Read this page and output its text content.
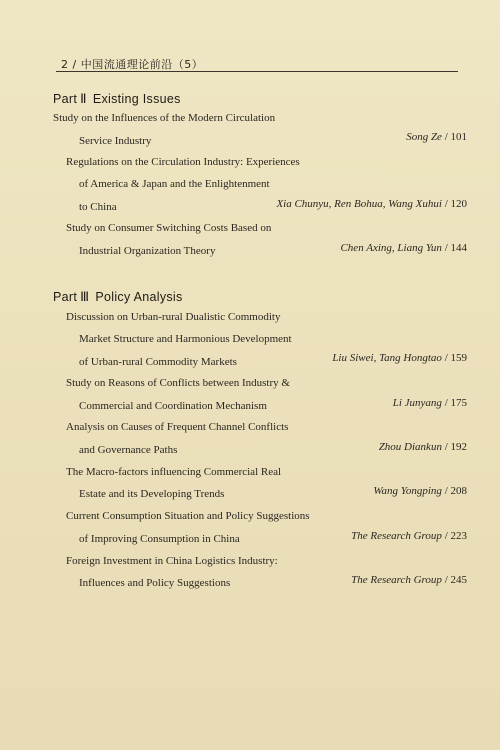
2 / 中国流通理论前沿（5）
Part Ⅱ Existing Issues
Study on the Influences of the Modern Circulation
Service Industry	Song Ze / 101
Regulations on the Circulation Industry: Experiences
of America & Japan and the Enlightenment
to China	Xia Chunyu, Ren Bohua, Wang Xuhui / 120
Study on Consumer Switching Costs Based on
Industrial Organization Theory	Chen Axing, Liang Yun / 144
Part Ⅲ Policy Analysis
Discussion on Urban-rural Dualistic Commodity
Market Structure and Harmonious Development
of Urban-rural Commodity Markets	Liu Siwei, Tang Hongtao / 159
Study on Reasons of Conflicts between Industry &
Commercial and Coordination Mechanism	Li Junyang / 175
Analysis on Causes of Frequent Channel Conflicts
and Governance Paths	Zhou Diankun / 192
The Macro-factors influencing Commercial Real
Estate and its Developing Trends	Wang Yongping / 208
Current Consumption Situation and Policy Suggestions
of Improving Consumption in China	The Research Group / 223
Foreign Investment in China Logistics Industry:
Influences and Policy Suggestions	The Research Group / 245
